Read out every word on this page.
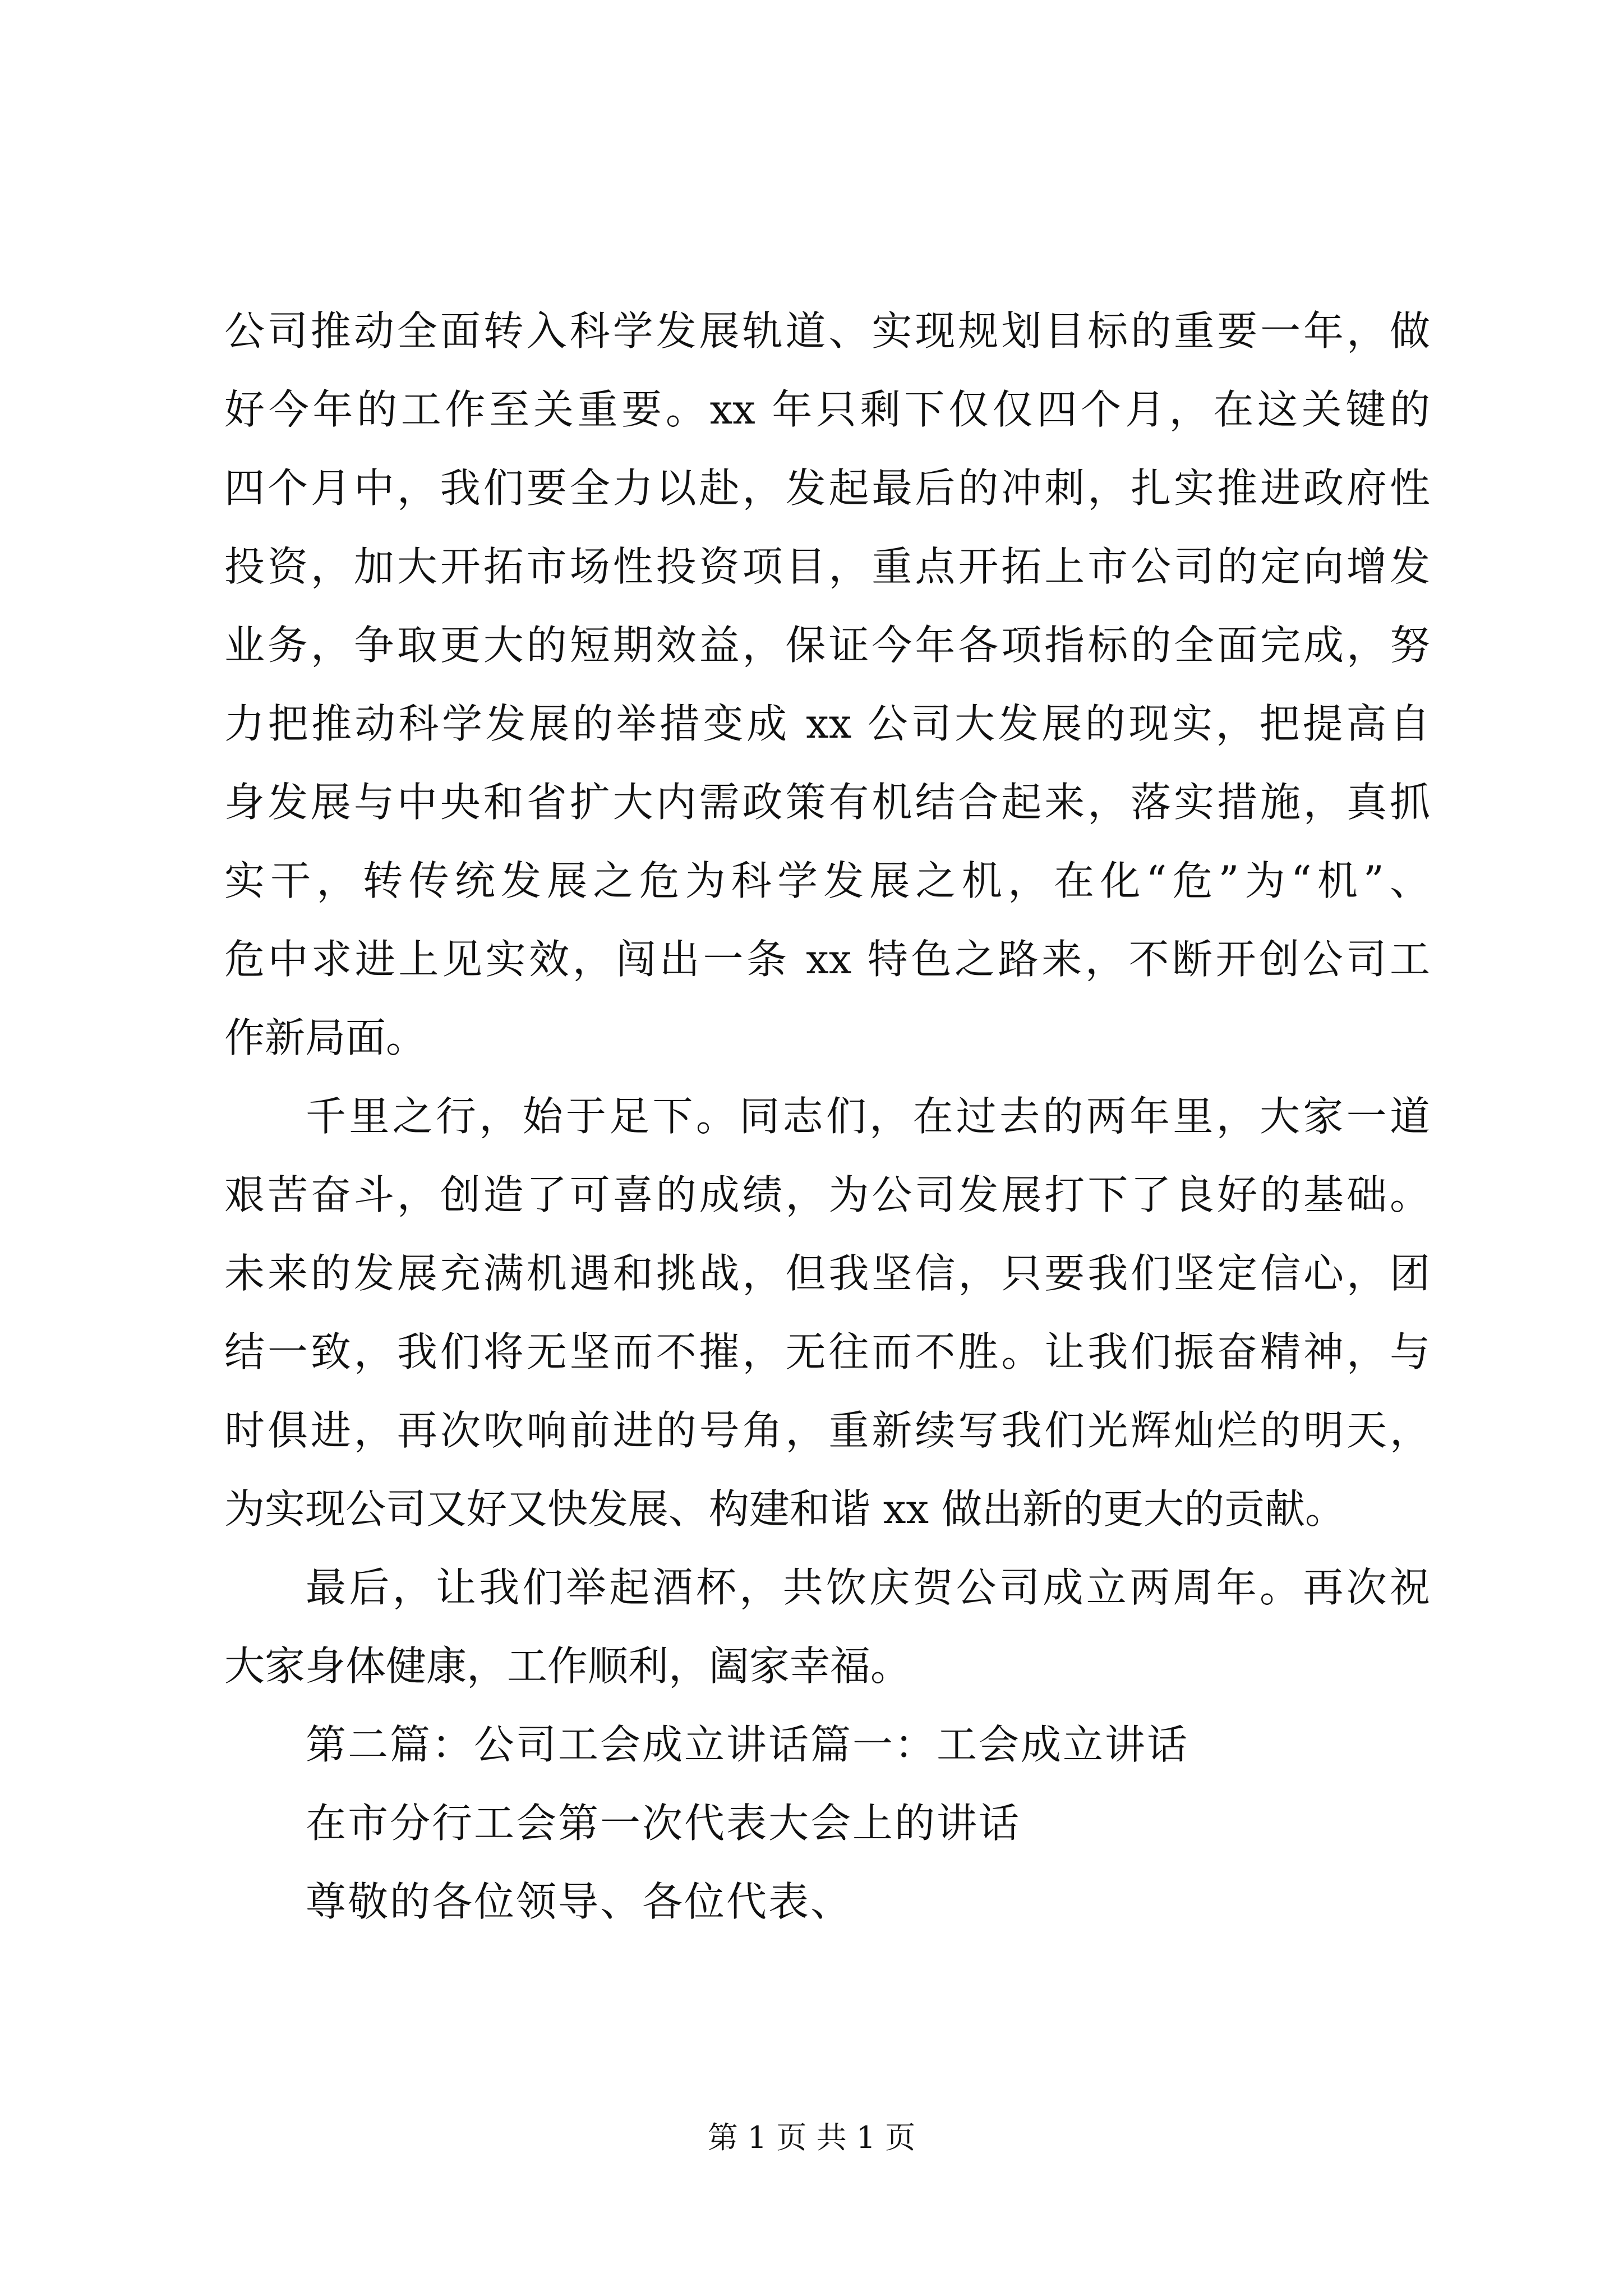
公司推动全面转入科学发展轨道、实现规划目标的重要一年，做
好今年的工作至关重要。xx 年只剩下仅仅四个月，在这关键的
四个月中，我们要全力以赴，发起最后的冲刺，扎实推进政府性
投资，加大开拓市场性投资项目，重点开拓上市公司的定向增发
业务，争取更大的短期效益，保证今年各项指标的全面完成，努
力把推动科学发展的举措变成 xx 公司大发展的现实，把提高自
身发展与中央和省扩大内需政策有机结合起来，落实措施，真抓
实干，转传统发展之危为科学发展之机，在化“危”为“机”、
危中求进上见实效，闯出一条 xx 特色之路来，不断开创公司工
作新局面。
千里之行，始于足下。同志们，在过去的两年里，大家一道
艰苦奋斗，创造了可喜的成绩，为公司发展打下了良好的基础。
未来的发展充满机遇和挑战，但我坚信，只要我们坚定信心，团
结一致，我们将无坚而不摧，无往而不胜。让我们振奋精神，与
时俱进，再次吹响前进的号角，重新续写我们光辉灿烂的明天，
为实现公司又好又快发展、构建和谐 xx 做出新的更大的贡献。
最后，让我们举起酒杯，共饮庆贺公司成立两周年。再次祝
大家身体健康，工作顺利，阖家幸福。
第二篇：公司工会成立讲话篇一：工会成立讲话
在市分行工会第一次代表大会上的讲话
尊敬的各位领导、各位代表、
第 1 页 共 1 页
